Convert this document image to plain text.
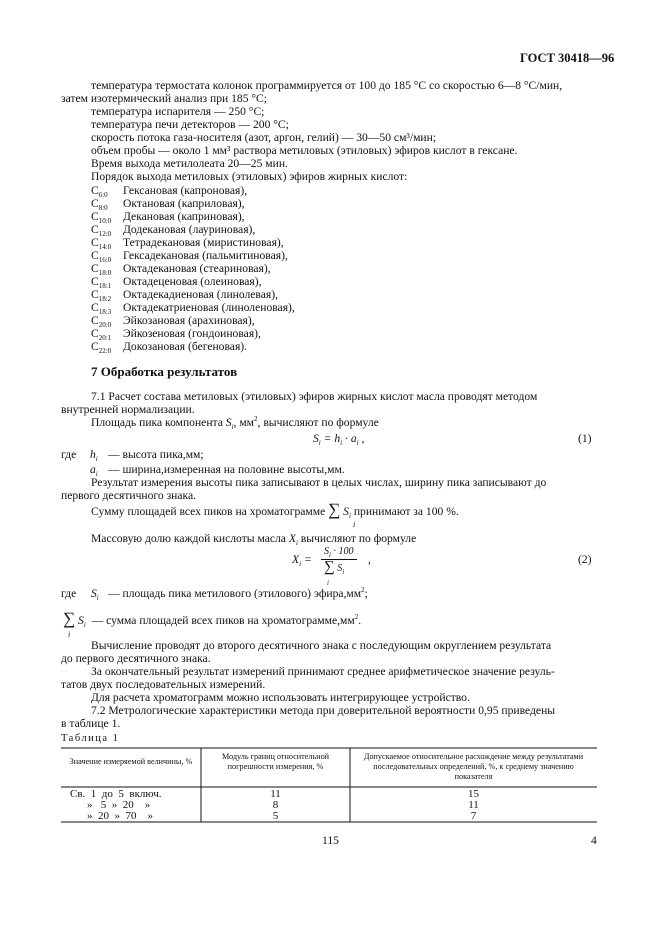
ГОСТ 30418—96
температура термостата колонок программируется от 100 до 185 °С со скоростью 6—8 °С/мин,
затем изотермический анализ при 185 °С;
температура испарителя — 250 °С;
температура печи детекторов — 200 °С;
скорость потока газа-носителя (азот, аргон, гелий) — 30—50 см³/мин;
объем пробы — около 1 мм³ раствора метиловых (этиловых) эфиров кислот в гексане.
Время выхода метилолеата 20—25 мин.
Порядок выхода метиловых (этиловых) эфиров жирных кислот:
$C_{6:0}$ Гексановая (капроновая),
$C_{8:0}$ Октановая (каприловая),
$C_{10:0}$ Декановая (каприновая),
$C_{12:0}$ Додекановая (лауриновая),
$C_{14:0}$ Тетрадекановая (миристиновая),
$C_{16:0}$ Гексадекановая (пальмитиновая),
$C_{18:0}$ Октадекановая (стеариновая),
$C_{18:1}$ Октадеценовая (олеиновая),
$C_{18:2}$ Октадекадиеновая (линолевая),
$C_{18:3}$ Октадекатриеновая (линоленовая),
$C_{20:0}$ Эйкозановая (арахиновая),
$C_{20:1}$ Эйкозеновая (гондоиновая),
$C_{22:0}$ Докозановая (бегеновая).
7 Обработка результатов
7.1 Расчет состава метиловых (этиловых) эфиров жирных кислот масла проводят методом
внутренней нормализации.
Площадь пика компонента $S_i$, $мм^2$, вычисляют по формуле
$S_i = h_i \cdot a_i$ ,	(1)
где $h_i$ — высота пика,мм;
$a_i$ — ширина,измеренная на половине высоты,мм.
Результат измерения высоты пика записывают в целых числах, ширину пика записывают до
первого десятичного знака.
Сумму площадей всех пиков на хроматограмме ∑ $S_i$ принимают за 100 %.
i
Массовую долю каждой кислоты масла $X_i$ вычисляют по формуле
$X_i$ =
$S_i \cdot 100$
∑ $S_i$
i
,	(2)
где $S_i$ — площадь пика метилового (этилового) $эфира,мм^2$;
∑ $S_i$ — сумма площадей всех пиков на $хроматограмме,мм^2$.
i
Вычисление проводят до второго десятичного знака с последующим округлением результата
до первого десятичного знака.
За окончательный результат измерений принимают среднее арифметическое значение резуль-
татов двух последовательных измерений.
Для расчета хроматограмм можно использовать интегрирующее устройство.
7.2 Метрологические характеристики метода при доверительной вероятности 0,95 приведены
в таблице 1.
Таблица 1
Значение измеряемой величины, %
Модуль границ относительной погрешности измерения, %
Допускаемое относительное расхождение между результатами последовательных определений, %, к среднему значению показателя
Св.  1  до  5  включ.	11	15
»   5  »  20    »	8	11
»  20  »  70    »	5	7
115	4
